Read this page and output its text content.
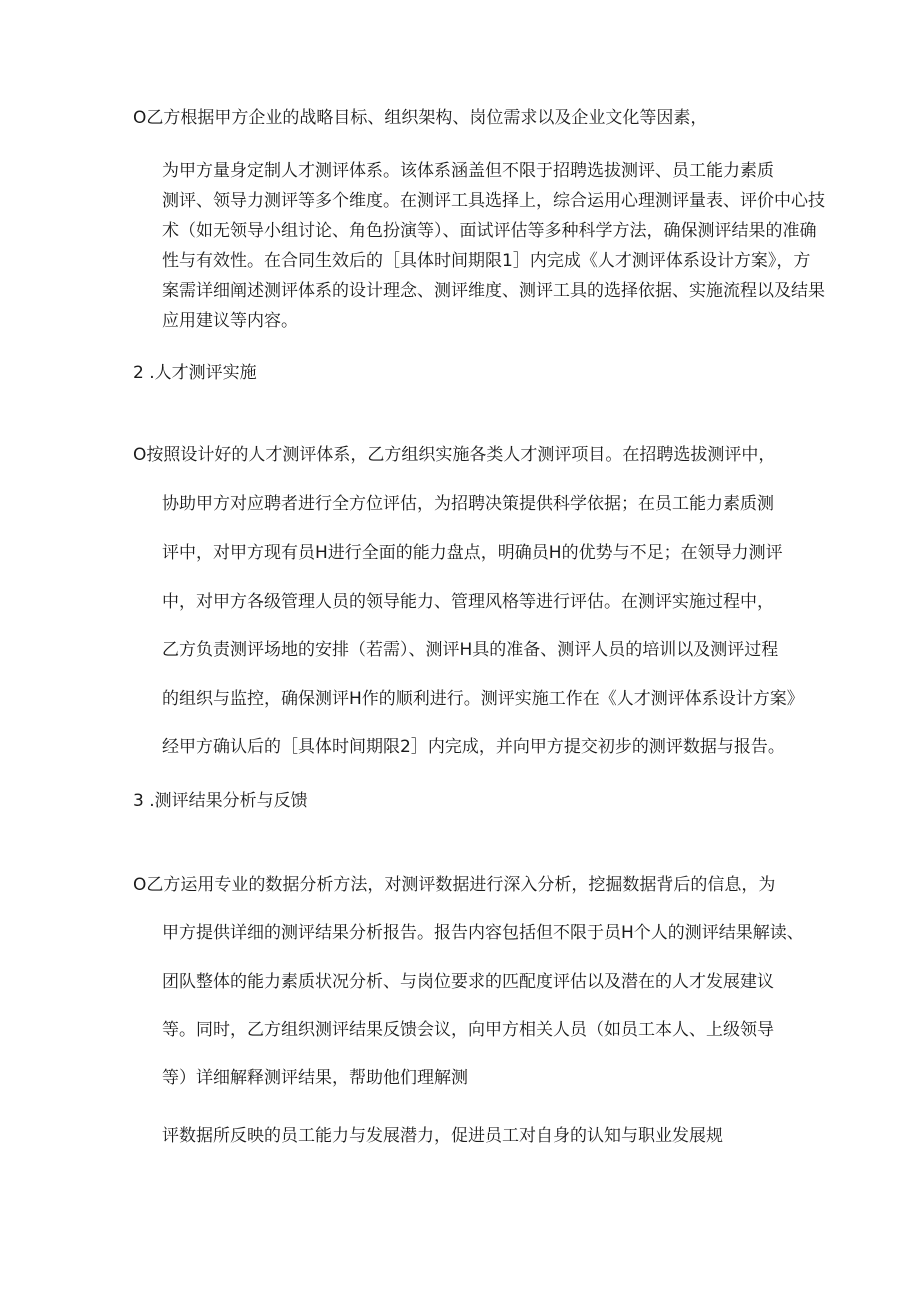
O乙方根据甲方企业的战略目标、组织架构、岗位需求以及企业文化等因素，
为甲方量身定制人才测评体系。该体系涵盖但不限于招聘选拔测评、员工能力素质
测评、领导力测评等多个维度。在测评工具选择上，综合运用心理测评量表、评价中心技
术（如无领导小组讨论、角色扮演等）、面试评估等多种科学方法，确保测评结果的准确
性与有效性。在合同生效后的［具体时间期限1］内完成《人才测评体系设计方案》，方
案需详细阐述测评体系的设计理念、测评维度、测评工具的选择依据、实施流程以及结果
应用建议等内容。
2 .人才测评实施
O按照设计好的人才测评体系，乙方组织实施各类人才测评项目。在招聘选拔测评中，
协助甲方对应聘者进行全方位评估，为招聘决策提供科学依据；在员工能力素质测
评中，对甲方现有员H进行全面的能力盘点，明确员H的优势与不足；在领导力测评
中，对甲方各级管理人员的领导能力、管理风格等进行评估。在测评实施过程中，
乙方负责测评场地的安排（若需）、测评H具的准备、测评人员的培训以及测评过程
的组织与监控，确保测评H作的顺利进行。测评实施工作在《人才测评体系设计方案》
经甲方确认后的［具体时间期限2］内完成，并向甲方提交初步的测评数据与报告。
3 .测评结果分析与反馈
O乙方运用专业的数据分析方法，对测评数据进行深入分析，挖掘数据背后的信息，为
甲方提供详细的测评结果分析报告。报告内容包括但不限于员H个人的测评结果解读、
团队整体的能力素质状况分析、与岗位要求的匹配度评估以及潜在的人才发展建议
等。同时，乙方组织测评结果反馈会议，向甲方相关人员（如员工本人、上级领导
等）详细解释测评结果，帮助他们理解测
评数据所反映的员工能力与发展潜力，促进员工对自身的认知与职业发展规
